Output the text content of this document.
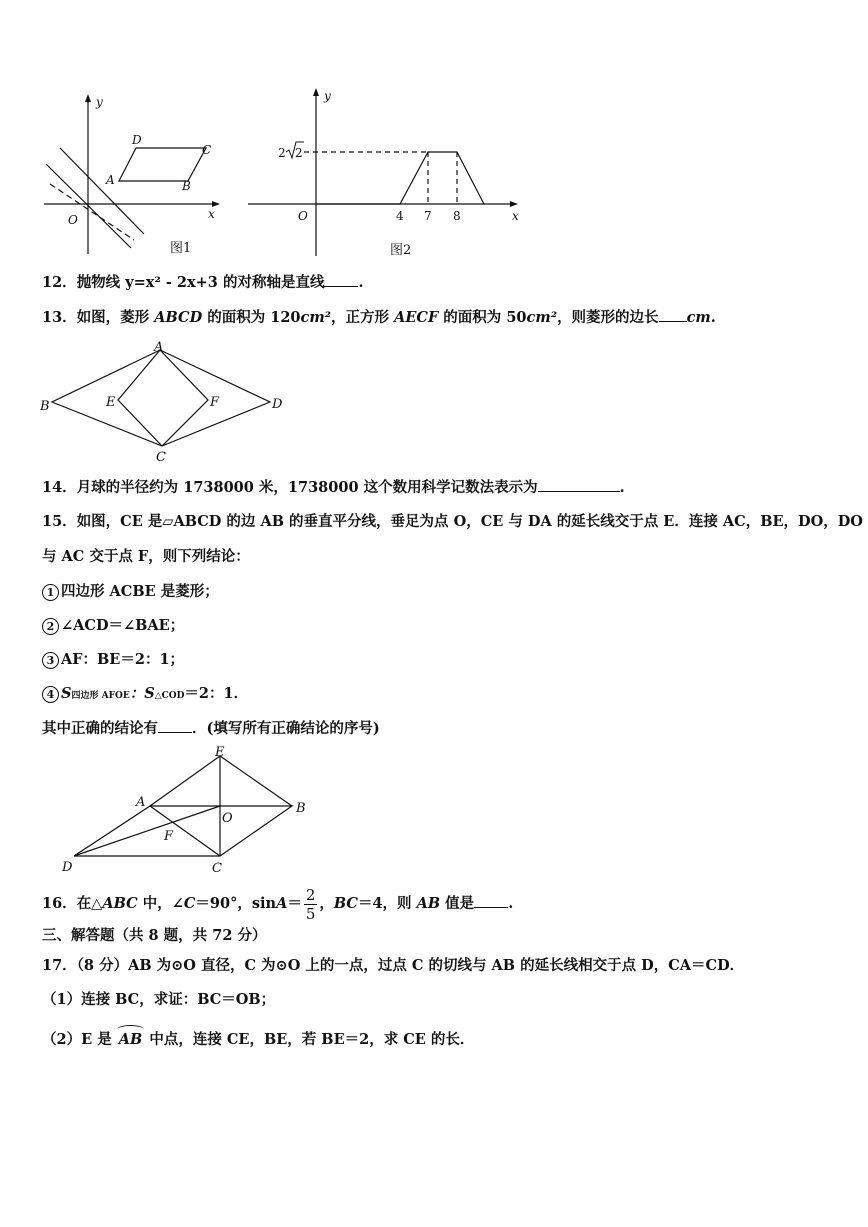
y
x
O
A	B
C
D
图1
y
x
O
2 2
4 7 8
图2
12．抛物线 y=x² - 2x+3 的对称轴是直线 .
13．如图，菱形 ABCD 的面积为 120cm²，正方形 AECF 的面积为 50cm²，则菱形的边长 cm.
A
B
C
D
E	F
14．月球的半径约为 1738000 米，1738000 这个数用科学记数法表示为	.
15．如图，CE 是▱ABCD 的边 AB 的垂直平分线，垂足为点 O，CE 与 DA 的延长线交于点 E．连接 AC，BE，DO，DO
与 AC 交于点 F，则下列结论：
1 四边形 ACBE 是菱形；
2 ∠ACD＝∠BAE；
3 AF：BE＝2：1；
4 S四边形 AFOE：S△COD＝2：1．
其中正确的结论有 ．(填写所有正确结论的序号)
E
A	B
O
F
D	C
16．在△ABC 中，∠C＝90°，$\sin A= \frac{2}{5}$ ，BC＝4，则 AB 值是 .
三、解答题（共 8 题，共 72 分）
17．（8 分）AB 为⊙O 直径，C 为⊙O 上的一点，过点 C 的切线与 AB 的延长线相交于点 D，CA＝CD．
（1）连接 BC，求证：BC＝OB；
（2）E 是 AB 中点，连接 CE，BE，若 BE＝2，求 CE 的长．
